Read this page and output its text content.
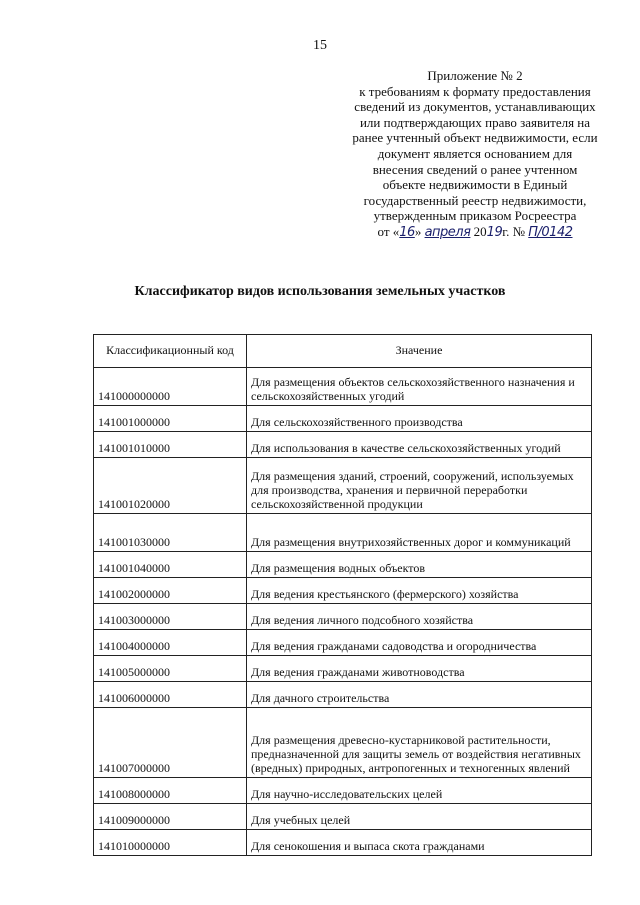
15
Приложение № 2
к требованиям к формату предоставления
сведений из документов, устанавливающих
или подтверждающих право заявителя на
ранее учтенный объект недвижимости, если
документ является основанием для
внесения сведений о ранее учтенном
объекте недвижимости в Единый
государственный реестр недвижимости,
утвержденным приказом Росреестра
от «16» апреля 2019г. № П/0142
Классификатор видов использования земельных участков
Классификационный код	Значение
141000000000	Для размещения объектов сельскохозяйственного назначения и сельскохозяйственных угодий
141001000000	Для сельскохозяйственного производства
141001010000	Для использования в качестве сельскохозяйственных угодий
141001020000	Для размещения зданий, строений, сооружений, используемых для производства, хранения и первичной переработки сельскохозяйственной продукции
141001030000	Для размещения внутрихозяйственных дорог и коммуникаций
141001040000	Для размещения водных объектов
141002000000	Для ведения крестьянского (фермерского) хозяйства
141003000000	Для ведения личного подсобного хозяйства
141004000000	Для ведения гражданами садоводства и огородничества
141005000000	Для ведения гражданами животноводства
141006000000	Для дачного строительства
141007000000	Для размещения древесно-кустарниковой растительности, предназначенной для защиты земель от воздействия негативных (вредных) природных, антропогенных и техногенных явлений
141008000000	Для научно-исследовательских целей
141009000000	Для учебных целей
141010000000	Для сенокошения и выпаса скота гражданами
